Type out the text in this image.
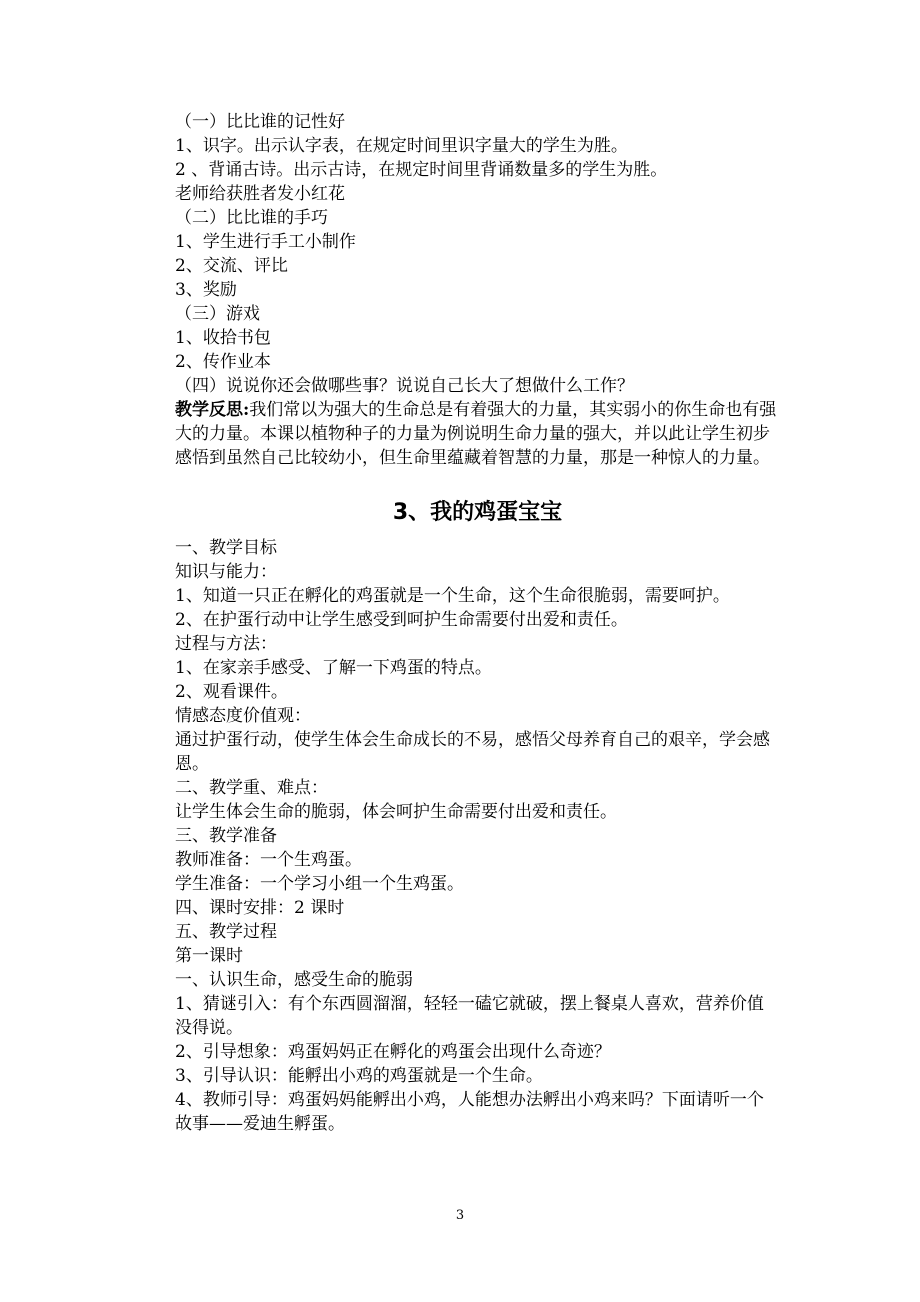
（一）比比谁的记性好

1、识字。出示认字表，在规定时间里识字量大的学生为胜。

2 、背诵古诗。出示古诗，在规定时间里背诵数量多的学生为胜。

老师给获胜者发小红花

（二）比比谁的手巧

1、学生进行手工小制作

2、交流、评比

3、奖励

（三）游戏

1、收拾书包

2、传作业本

（四）说说你还会做哪些事？说说自己长大了想做什么工作？

教学反思:我们常以为强大的生命总是有着强大的力量，其实弱小的你生命也有强大的力量。本课以植物种子的力量为例说明生命力量的强大，并以此让学生初步感悟到虽然自己比较幼小，但生命里蕴藏着智慧的力量，那是一种惊人的力量。

3、我的鸡蛋宝宝

一、教学目标

知识与能力：

1、知道一只正在孵化的鸡蛋就是一个生命，这个生命很脆弱，需要呵护。

2、在护蛋行动中让学生感受到呵护生命需要付出爱和责任。

过程与方法：

1、在家亲手感受、了解一下鸡蛋的特点。

2、观看课件。

情感态度价值观：

通过护蛋行动，使学生体会生命成长的不易，感悟父母养育自己的艰辛，学会感恩。

二、教学重、难点：

让学生体会生命的脆弱，体会呵护生命需要付出爱和责任。

三、教学准备

教师准备：一个生鸡蛋。

学生准备：一个学习小组一个生鸡蛋。

四、课时安排：2 课时

五、教学过程

第一课时

一、认识生命，感受生命的脆弱

1、猜谜引入：有个东西圆溜溜，轻轻一磕它就破，摆上餐桌人喜欢，营养价值没得说。

2、引导想象：鸡蛋妈妈正在孵化的鸡蛋会出现什么奇迹？

3、引导认识：能孵出小鸡的鸡蛋就是一个生命。

4、教师引导：鸡蛋妈妈能孵出小鸡，人能想办法孵出小鸡来吗？下面请听一个故事——爱迪生孵蛋。

3
